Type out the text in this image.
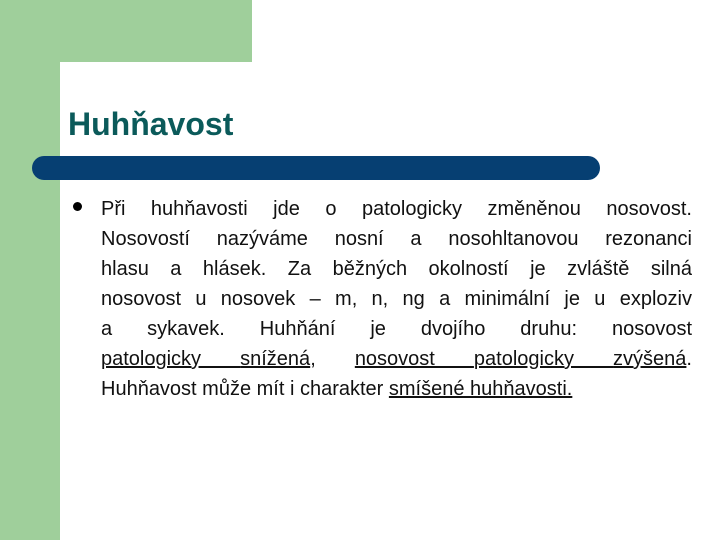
Huhňavost

Při huhňavosti jde o patologicky změněnou nosovost.
Nosovostí nazýváme nosní a nosohltanovou rezonanci
hlasu a hlásek. Za běžných okolností je zvláště silná
nosovost u nosovek – m, n, ng a minimální je u exploziv
a sykavek. Huhňání je dvojího druhu: nosovost
patologicky snížená, nosovost patologicky zvýšená.
Huhňavost může mít i charakter smíšené huhňavosti.
